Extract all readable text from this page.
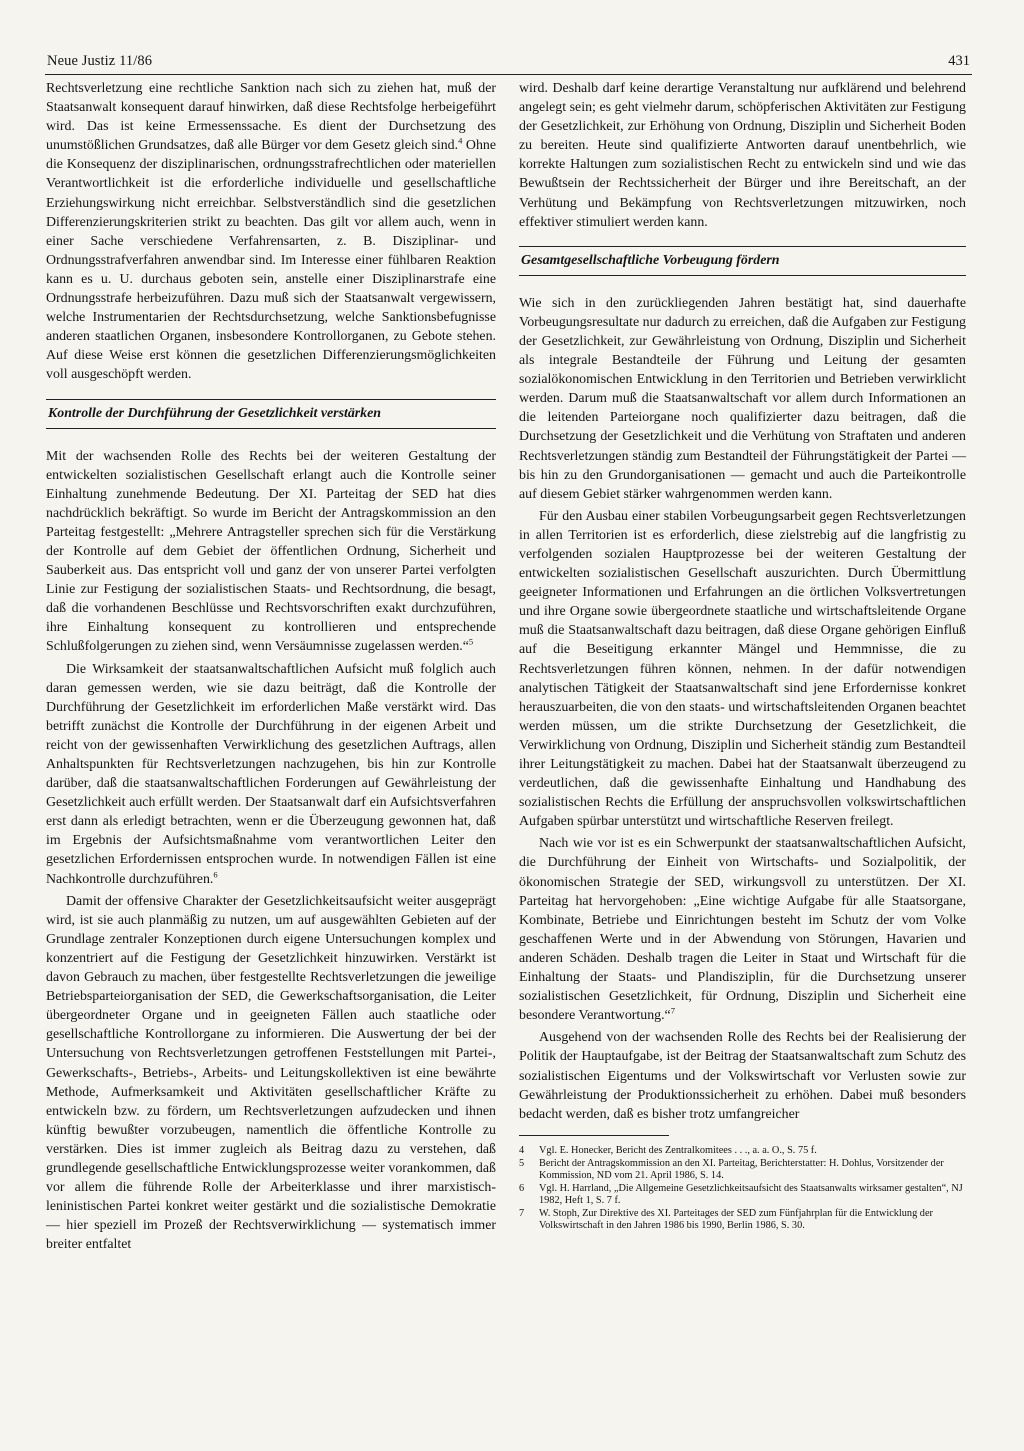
Neue Justiz 11/86	431

Rechtsverletzung eine rechtliche Sanktion nach sich zu ziehen hat, muß der Staatsanwalt konsequent darauf hinwirken, daß diese Rechtsfolge herbeigeführt wird. Das ist keine Ermessenssache. Es dient der Durchsetzung des unumstößlichen Grundsatzes, daß alle Bürger vor dem Gesetz gleich sind.$^4$ Ohne die Konsequenz der disziplinarischen, ordnungsstrafrechtlichen oder materiellen Verantwortlichkeit ist die erforderliche individuelle und gesellschaftliche Erziehungswirkung nicht erreichbar. Selbstverständlich sind die gesetzlichen Differenzierungskriterien strikt zu beachten. Das gilt vor allem auch, wenn in einer Sache verschiedene Verfahrensarten, z. B. Disziplinar- und Ordnungsstrafverfahren anwendbar sind. Im Interesse einer fühlbaren Reaktion kann es u. U. durchaus geboten sein, anstelle einer Disziplinarstrafe eine Ordnungsstrafe herbeizuführen. Dazu muß sich der Staatsanwalt vergewissern, welche Instrumentarien der Rechtsdurchsetzung, welche Sanktionsbefugnisse anderen staatlichen Organen, insbesondere Kontrollorganen, zu Gebote stehen. Auf diese Weise erst können die gesetzlichen Differenzierungsmöglichkeiten voll ausgeschöpft werden.

Kontrolle der Durchführung der Gesetzlichkeit verstärken

Mit der wachsenden Rolle des Rechts bei der weiteren Gestaltung der entwickelten sozialistischen Gesellschaft erlangt auch die Kontrolle seiner Einhaltung zunehmende Bedeutung. Der XI. Parteitag der SED hat dies nachdrücklich bekräftigt. So wurde im Bericht der Antragskommission an den Parteitag festgestellt: „Mehrere Antragsteller sprechen sich für die Verstärkung der Kontrolle auf dem Gebiet der öffentlichen Ordnung, Sicherheit und Sauberkeit aus. Das entspricht voll und ganz der von unserer Partei verfolgten Linie zur Festigung der sozialistischen Staats- und Rechtsordnung, die besagt, daß die vorhandenen Beschlüsse und Rechtsvorschriften exakt durchzuführen, ihre Einhaltung konsequent zu kontrollieren und entsprechende Schlußfolgerungen zu ziehen sind, wenn Versäumnisse zugelassen werden.“$^5$

Die Wirksamkeit der staatsanwaltschaftlichen Aufsicht muß folglich auch daran gemessen werden, wie sie dazu beiträgt, daß die Kontrolle der Durchführung der Gesetzlichkeit im erforderlichen Maße verstärkt wird. Das betrifft zunächst die Kontrolle der Durchführung in der eigenen Arbeit und reicht von der gewissenhaften Verwirklichung des gesetzlichen Auftrags, allen Anhaltspunkten für Rechtsverletzungen nachzugehen, bis hin zur Kontrolle darüber, daß die staatsanwaltschaftlichen Forderungen auf Gewährleistung der Gesetzlichkeit auch erfüllt werden. Der Staatsanwalt darf ein Aufsichtsverfahren erst dann als erledigt betrachten, wenn er die Überzeugung gewonnen hat, daß im Ergebnis der Aufsichtsmaßnahme vom verantwortlichen Leiter den gesetzlichen Erfordernissen entsprochen wurde. In notwendigen Fällen ist eine Nachkontrolle durchzuführen.$^6$

Damit der offensive Charakter der Gesetzlichkeitsaufsicht weiter ausgeprägt wird, ist sie auch planmäßig zu nutzen, um auf ausgewählten Gebieten auf der Grundlage zentraler Konzeptionen durch eigene Untersuchungen komplex und konzentriert auf die Festigung der Gesetzlichkeit hinzuwirken. Verstärkt ist davon Gebrauch zu machen, über festgestellte Rechtsverletzungen die jeweilige Betriebsparteiorganisation der SED, die Gewerkschaftsorganisation, die Leiter übergeordneter Organe und in geeigneten Fällen auch staatliche oder gesellschaftliche Kontrollorgane zu informieren. Die Auswertung der bei der Untersuchung von Rechtsverletzungen getroffenen Feststellungen mit Partei-, Gewerkschafts-, Betriebs-, Arbeits- und Leitungskollektiven ist eine bewährte Methode, Aufmerksamkeit und Aktivitäten gesellschaftlicher Kräfte zu entwickeln bzw. zu fördern, um Rechtsverletzungen aufzudecken und ihnen künftig bewußter vorzubeugen, namentlich die öffentliche Kontrolle zu verstärken. Dies ist immer zugleich als Beitrag dazu zu verstehen, daß grundlegende gesellschaftliche Entwicklungsprozesse weiter vorankommen, daß vor allem die führende Rolle der Arbeiterklasse und ihrer marxistisch-leninistischen Partei konkret weiter gestärkt und die sozialistische Demokratie — hier speziell im Prozeß der Rechtsverwirklichung — systematisch immer breiter entfaltet

wird. Deshalb darf keine derartige Veranstaltung nur aufklärend und belehrend angelegt sein; es geht vielmehr darum, schöpferischen Aktivitäten zur Festigung der Gesetzlichkeit, zur Erhöhung von Ordnung, Disziplin und Sicherheit Boden zu bereiten. Heute sind qualifizierte Antworten darauf unentbehrlich, wie korrekte Haltungen zum sozialistischen Recht zu entwickeln sind und wie das Bewußtsein der Rechtssicherheit der Bürger und ihre Bereitschaft, an der Verhütung und Bekämpfung von Rechtsverletzungen mitzuwirken, noch effektiver stimuliert werden kann.

Gesamtgesellschaftliche Vorbeugung fördern

Wie sich in den zurückliegenden Jahren bestätigt hat, sind dauerhafte Vorbeugungsresultate nur dadurch zu erreichen, daß die Aufgaben zur Festigung der Gesetzlichkeit, zur Gewährleistung von Ordnung, Disziplin und Sicherheit als integrale Bestandteile der Führung und Leitung der gesamten sozialökonomischen Entwicklung in den Territorien und Betrieben verwirklicht werden. Darum muß die Staatsanwaltschaft vor allem durch Informationen an die leitenden Parteiorgane noch qualifizierter dazu beitragen, daß die Durchsetzung der Gesetzlichkeit und die Verhütung von Straftaten und anderen Rechtsverletzungen ständig zum Bestandteil der Führungstätigkeit der Partei — bis hin zu den Grundorganisationen — gemacht und auch die Parteikontrolle auf diesem Gebiet stärker wahrgenommen werden kann.

Für den Ausbau einer stabilen Vorbeugungsarbeit gegen Rechtsverletzungen in allen Territorien ist es erforderlich, diese zielstrebig auf die langfristig zu verfolgenden sozialen Hauptprozesse bei der weiteren Gestaltung der entwickelten sozialistischen Gesellschaft auszurichten. Durch Übermittlung geeigneter Informationen und Erfahrungen an die örtlichen Volksvertretungen und ihre Organe sowie übergeordnete staatliche und wirtschaftsleitende Organe muß die Staatsanwaltschaft dazu beitragen, daß diese Organe gehörigen Einfluß auf die Beseitigung erkannter Mängel und Hemmnisse, die zu Rechtsverletzungen führen können, nehmen. In der dafür notwendigen analytischen Tätigkeit der Staatsanwaltschaft sind jene Erfordernisse konkret herauszuarbeiten, die von den staats- und wirtschaftsleitenden Organen beachtet werden müssen, um die strikte Durchsetzung der Gesetzlichkeit, die Verwirklichung von Ordnung, Disziplin und Sicherheit ständig zum Bestandteil ihrer Leitungstätigkeit zu machen. Dabei hat der Staatsanwalt überzeugend zu verdeutlichen, daß die gewissenhafte Einhaltung und Handhabung des sozialistischen Rechts die Erfüllung der anspruchsvollen volkswirtschaftlichen Aufgaben spürbar unterstützt und wirtschaftliche Reserven freilegt.

Nach wie vor ist es ein Schwerpunkt der staatsanwaltschaftlichen Aufsicht, die Durchführung der Einheit von Wirtschafts- und Sozialpolitik, der ökonomischen Strategie der SED, wirkungsvoll zu unterstützen. Der XI. Parteitag hat hervorgehoben: „Eine wichtige Aufgabe für alle Staatsorgane, Kombinate, Betriebe und Einrichtungen besteht im Schutz der vom Volke geschaffenen Werte und in der Abwendung von Störungen, Havarien und anderen Schäden. Deshalb tragen die Leiter in Staat und Wirtschaft für die Einhaltung der Staats- und Plandisziplin, für die Durchsetzung unserer sozialistischen Gesetzlichkeit, für Ordnung, Disziplin und Sicherheit eine besondere Verantwortung.“$^7$

Ausgehend von der wachsenden Rolle des Rechts bei der Realisierung der Politik der Hauptaufgabe, ist der Beitrag der Staatsanwaltschaft zum Schutz des sozialistischen Eigentums und der Volkswirtschaft vor Verlusten sowie zur Gewährleistung der Produktionssicherheit zu erhöhen. Dabei muß besonders bedacht werden, daß es bisher trotz umfangreicher

4	Vgl. E. Honecker, Bericht des Zentralkomitees . . ., a. a. O., S. 75 f.
5	Bericht der Antragskommission an den XI. Parteitag, Berichterstatter: H. Dohlus, Vorsitzender der Kommission, ND vom 21. April 1986, S. 14.
6	Vgl. H. Harrland, „Die Allgemeine Gesetzlichkeitsaufsicht des Staatsanwalts wirksamer gestalten“, NJ 1982, Heft 1, S. 7 f.
7	W. Stoph, Zur Direktive des XI. Parteitages der SED zum Fünfjahrplan für die Entwicklung der Volkswirtschaft in den Jahren 1986 bis 1990, Berlin 1986, S. 30.
